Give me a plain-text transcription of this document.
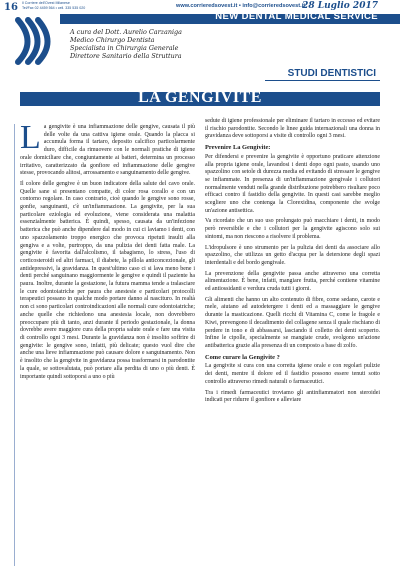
16 Il Corriere dell'Ovest Milanese
Tel/Fax 02 4459 564 • cell. 335 535 020	www.corrieredsovest.it • info@corrieredsovest.it
28 Luglio 2017
NEW DENTAL MEDICAL SERVICE
A cura del Dott. Aurelio Carzaniga
Medico Chirurgo Dentista
Specialista in Chirurgia Generale
Direttore Sanitario della Struttura
STUDI DENTISTICI
LA GENGIVITE
L a gengivite è una infiammazione delle gengive, causata il più delle volte da una cattiva igiene orale. Quando la placca si accumula forma il tartaro, deposito calcifico particolarmente duro, difficile da rimuovere con le normali pratiche di igiene orale domiciliare che, congiuntamente ai batteri, determina un processo irritativo, caratterizzato da gonfiore ed infiammazione delle gengive stesse, provocando alitosi, arrossamento e sanguinamento delle gengive.

Il colore delle gengive è un buon indicatore della salute del cavo orale. Quelle sane si presentano compatte, di color rosa corallo e con un contorno regolare. In caso contrario, cioè quando le gengive sono rosse, gonfie, sanguinanti, c'è un'infiammazione. La gengivite, per la sua particolare eziologia ed evoluzione, viene considerata una malattia essenzialmente batterica. È quindi, spesso, causata da un'infezione batterica che può anche dipendere dal modo in cui ci laviamo i denti, con uno spazzolamento troppo energico che provoca ripetuti insulti alla gengiva e a volte, purtroppo, da una pulizia dei denti fatta male. La gengivite è favorita dall'alcolismo, il tabagismo, lo stress, l'uso di corticosteroidi ed altri farmaci, il diabete, la pillola anticoncezionale, gli antidepressivi, la gravidanza. In quest'ultimo caso ci si lava meno bene i denti perché sanguinano maggiormente le gengive e quindi il paziente ha paura. Inoltre, durante la gestazione, la futura mamma tende a tralasciare le cure odontoiatriche per paura che anestesie e particolari protocolli terapeutici possano in qualche modo portare danno al nascituro. In realtà non ci sono particolari controindicazioni alle normali cure odontoiatriche; anche quelle che richiedono una anestesia locale, non dovrebbero preoccupare più di tanto, anzi durante il periodo gestazionale, la donna dovrebbe avere maggiore cura della propria salute orale e fare una visita di controllo ogni 3 mesi. Durante la gravidanza non è insolito soffrire di gengivite: le gengive sono, infatti, più delicate; questo vuol dire che anche una lieve infiammazione può causare dolore e sanguinamento. Non è insolito che la gengivite in gravidanza possa trasformarsi in parodontite la quale, se sottovalutata, può portare alla perdita di uno o più denti. È importante quindi sottoporsi a uno o più

sedute di igiene professionale per eliminare il tartaro in eccesso ed evitare il rischio parodontite. Secondo le linee guida internazionali una donna in gravidanza deve sottoporsi a visite di controllo ogni 3 mesi.

Prevenire La Gengivite:

Per difendersi e prevenire la gengivite è opportuno praticare attenzione alla propria igiene orale, lavandosi i denti dopo ogni pasto, usando uno spazzolino con setole di durezza media ed evitando di stressare le gengive se infiammate. In presenza di un'infiammazione gengivale i collutori normalmente venduti nella grande distribuzione potrebbero risultare poco efficaci contro il fastidio della gengivite. In questi casi sarebbe meglio scegliere uno che contenga la Clorexidina, componente che svolge un'azione antisettica.

Va ricordato che un suo uso prolungato può macchiare i denti, in modo però reversibile e che i collutori per la gengivite agiscono solo sui sintomi, ma non riescono a risolvere il problema.

L'idropulsore è uno strumento per la pulizia dei denti da associare allo spazzolino, che utilizza un getto d'acqua per la detersione degli spazi interdentali e del bordo gengivale.

La prevenzione della gengivite passa anche attraverso una corretta alimentazione. È bene, infatti, mangiare frutta, perché contiene vitamine ed antiossidanti e verdura cruda tutti i giorni.

Gli alimenti che hanno un alto contenuto di fibre, come sedano, carote e mele, aiutano ad autodetergere i denti ed a massaggiare le gengive durante la masticazione. Quelli ricchi di Vitamina C, come le fragole e Kiwi, prevengono il decadimento del collagene senza il quale rischiano di perdere in tono e di abbassarsi, lasciando il colletto dei denti scoperto. Infine le cipolle, specialmente se mangiate crude, svolgono un'azione antibatterica grazie alla presenza di un composto a base di zolfo.

Come curare la Gengivite ?

La gengivite si cura con una corretta igiene orale e con regolari pulizie dei denti, mentre il dolore ed il fastidio possono essere tenuti sotto controllo attraverso rimedi naturali o farmaceutici.

Tra i rimedi farmaceutici troviamo gli antinfiammatori non steroidei indicati per ridurre il gonfiore e alleviare
